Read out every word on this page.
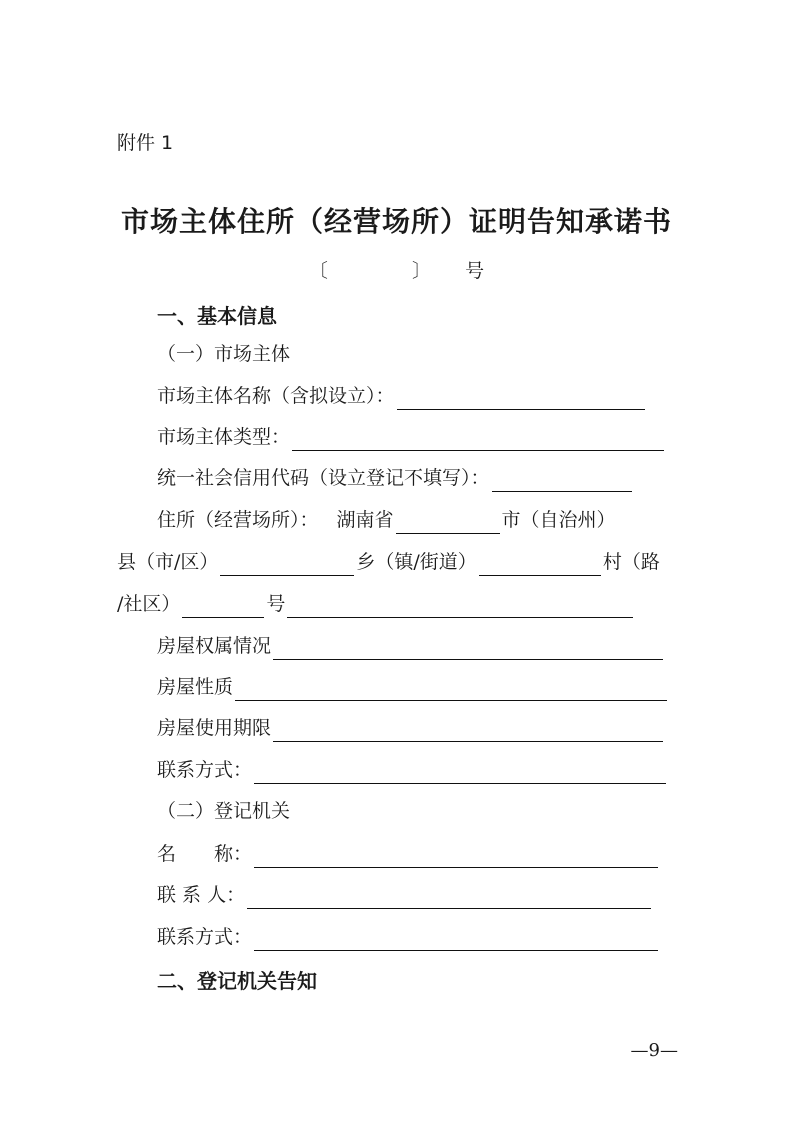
附件 1
市场主体住所（经营场所）证明告知承诺书
〔	〕 号
一、基本信息
（一）市场主体
市场主体名称（含拟设立）：
市场主体类型：
统一社会信用代码（设立登记不填写）：
住所（经营场所）： 湖南省	市（自治州）
县（市/区）	乡（镇/街道）	村（路
/社区）	号
房屋权属情况
房屋性质
房屋使用期限
联系方式：
（二）登记机关
名　　称：
联 系 人：
联系方式：
二、登记机关告知
—9—
